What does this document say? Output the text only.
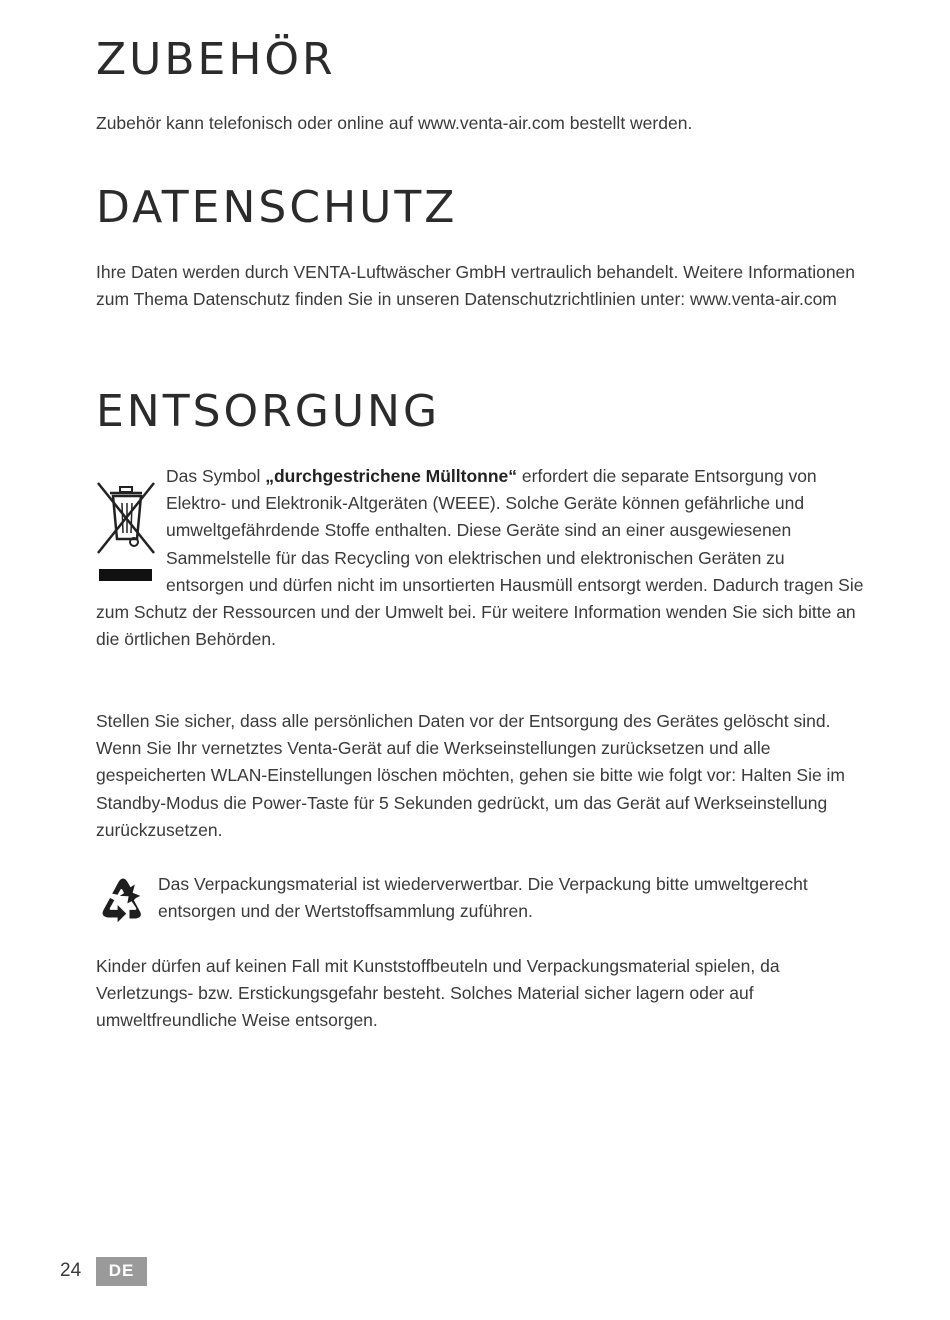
ZUBEHÖR

Zubehör kann telefonisch oder online auf www.venta-air.com bestellt werden.

DATENSCHUTZ

Ihre Daten werden durch VENTA-Luftwäscher GmbH vertraulich behandelt. Weitere Informationen zum Thema Datenschutz finden Sie in unseren Datenschutzrichtlinien unter: www.venta-air.com

ENTSORGUNG

Das Symbol „durchgestrichene Mülltonne“ erfordert die separate Entsorgung von Elektro- und Elektronik-Altgeräten (WEEE). Solche Geräte können gefährliche und umweltgefährdende Stoffe enthalten. Diese Geräte sind an einer ausgewiesenen Sammelstelle für das Recycling von elektrischen und elektronischen Geräten zu entsorgen und dürfen nicht im unsortierten Hausmüll entsorgt werden. Dadurch tragen Sie zum Schutz der Ressourcen und der Umwelt bei. Für weitere Information wenden Sie sich bitte an die örtlichen Behörden.

Stellen Sie sicher, dass alle persönlichen Daten vor der Entsorgung des Gerätes gelöscht sind. Wenn Sie Ihr vernetztes Venta-Gerät auf die Werkseinstellungen zurücksetzen und alle gespeicherten WLAN-Einstellungen löschen möchten, gehen sie bitte wie folgt vor: Halten Sie im Standby-Modus die Power-Taste für 5 Sekunden gedrückt, um das Gerät auf Werkseinstellung zurückzusetzen.

Das Verpackungsmaterial ist wiederverwertbar. Die Verpackung bitte umweltgerecht entsorgen und der Wertstoffsammlung zuführen.

Kinder dürfen auf keinen Fall mit Kunststoffbeuteln und Verpackungsmaterial spielen, da Verletzungs- bzw. Erstickungsgefahr besteht. Solches Material sicher lagern oder auf umweltfreundliche Weise entsorgen.

24	DE
